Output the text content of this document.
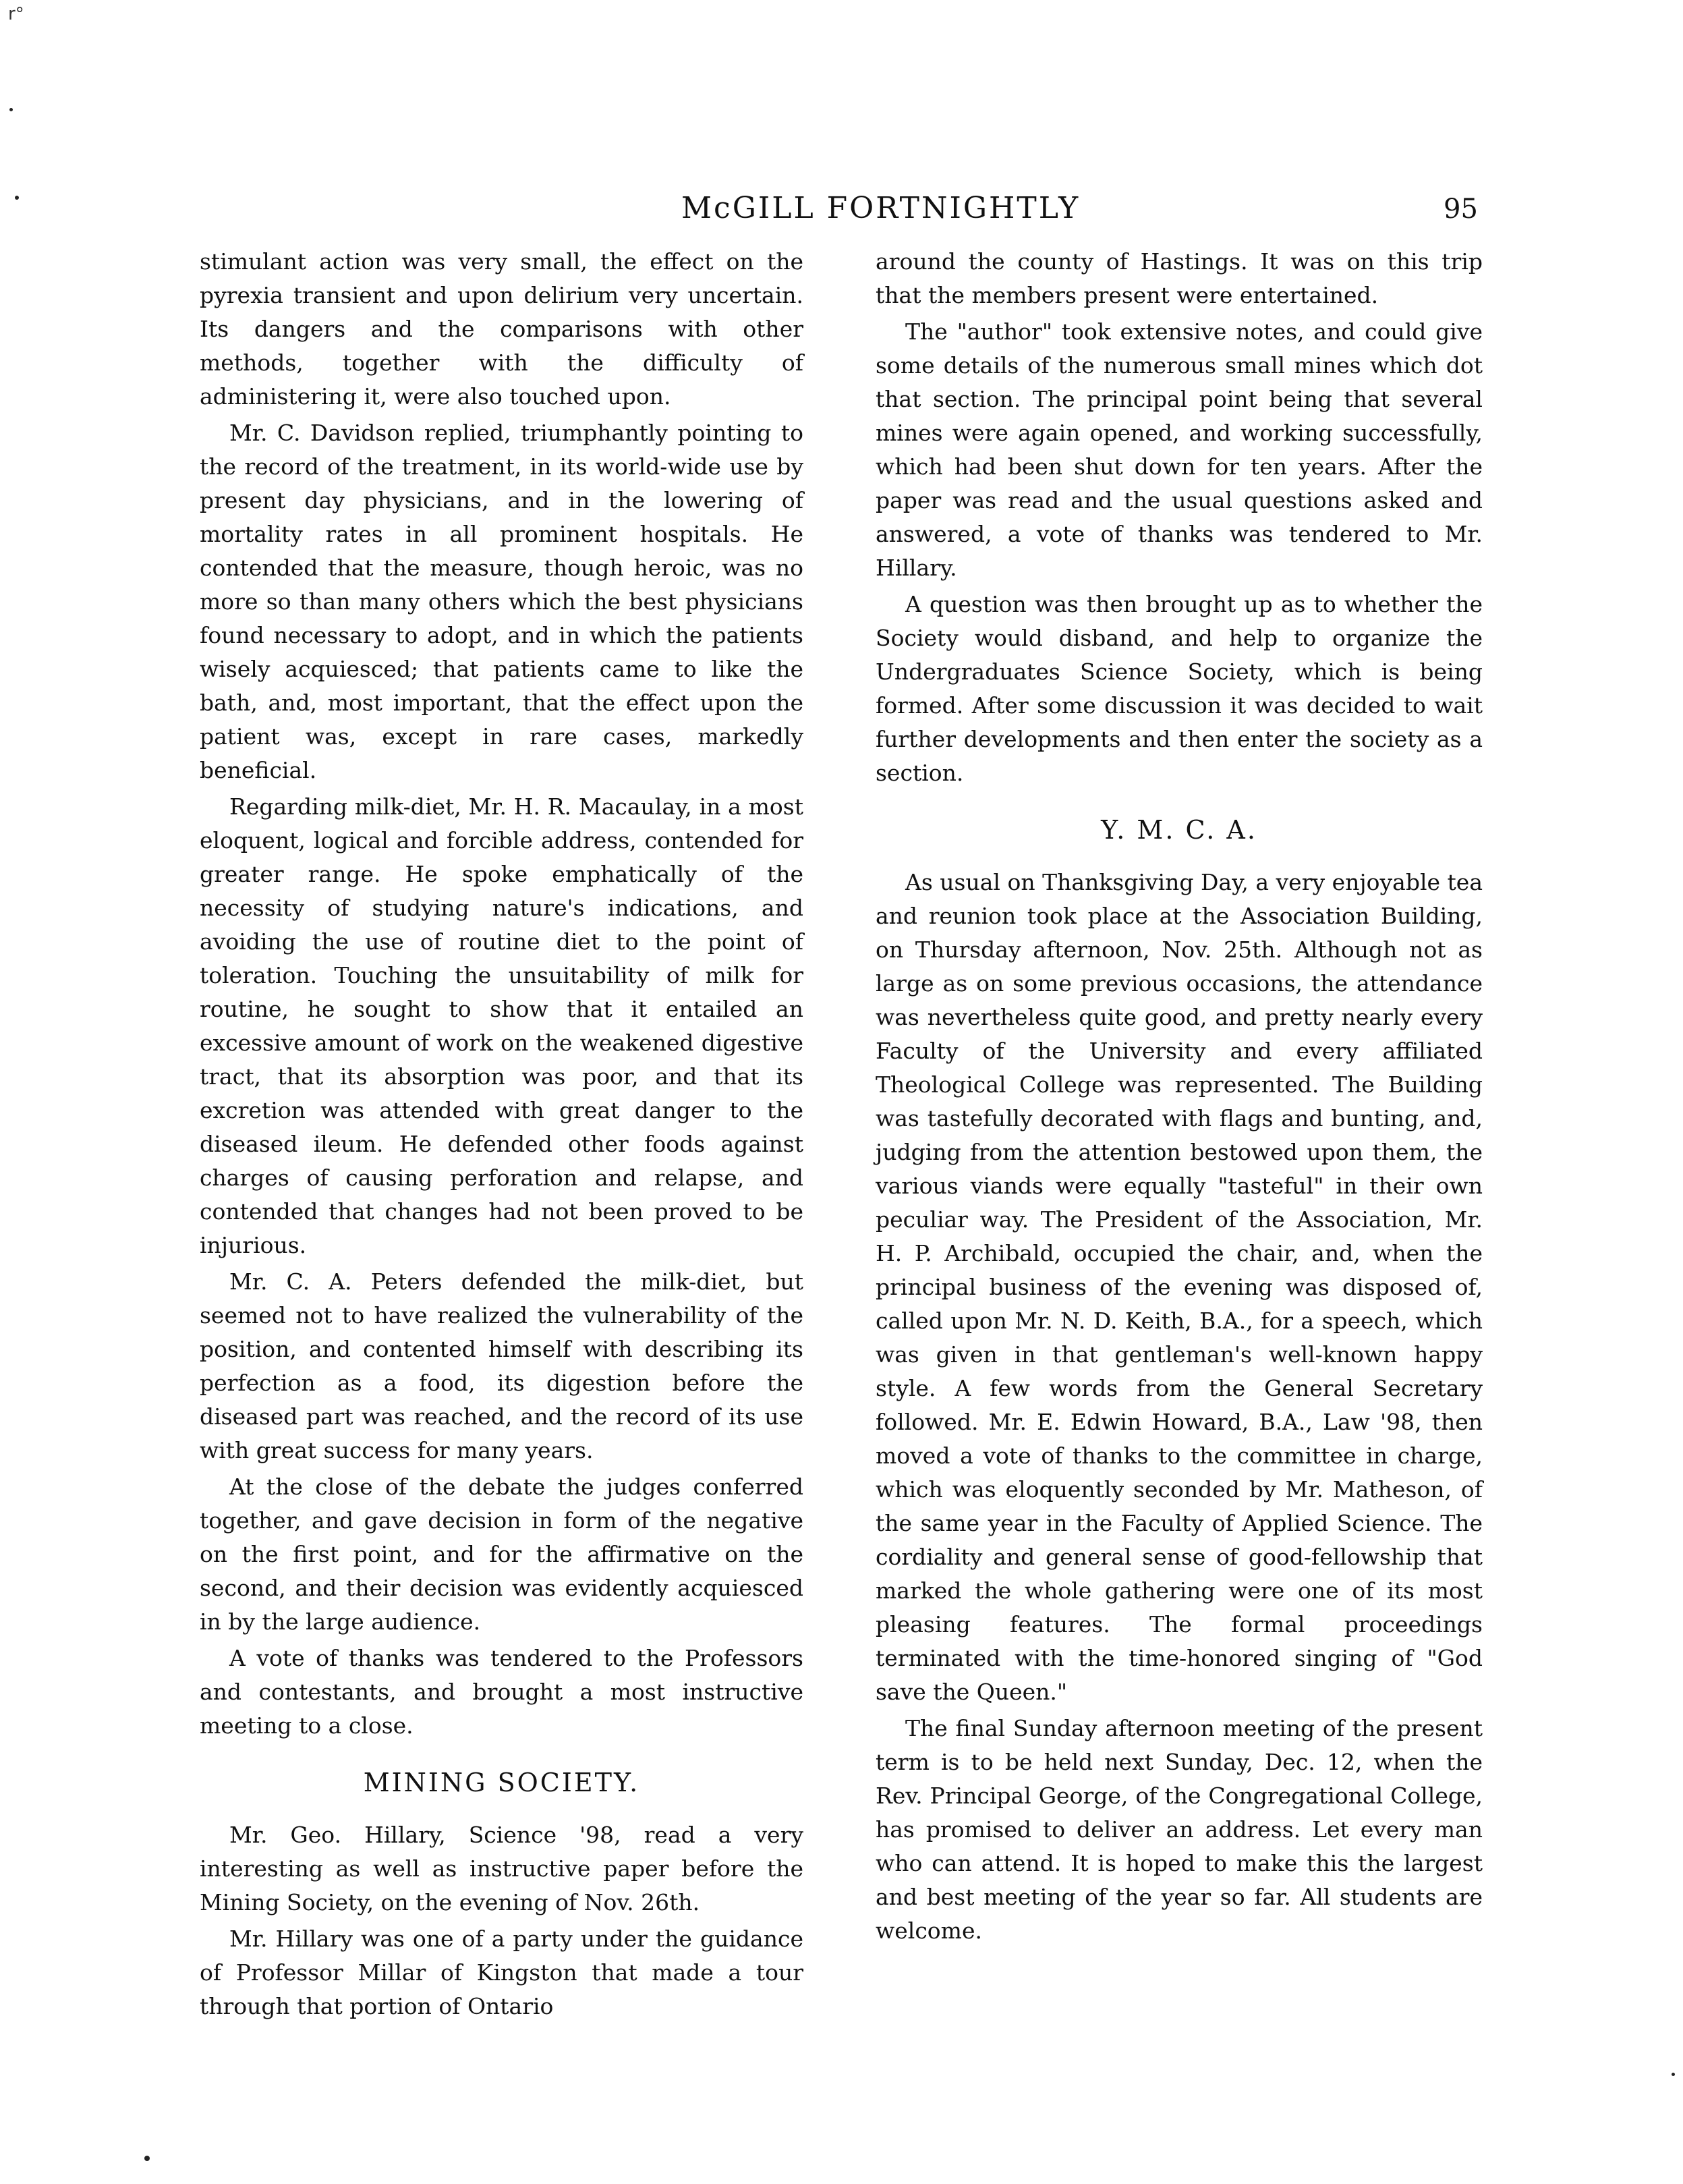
r°
McGILL FORTNIGHTLY	95

stimulant action was very small, the effect on the pyrexia transient and upon delirium very uncertain. Its dangers and the comparisons with other methods, together with the difficulty of administering it, were also touched upon.

Mr. C. Davidson replied, triumphantly pointing to the record of the treatment, in its world-wide use by present day physicians, and in the lowering of mortality rates in all prominent hospitals. He contended that the measure, though heroic, was no more so than many others which the best physicians found necessary to adopt, and in which the patients wisely acquiesced; that patients came to like the bath, and, most important, that the effect upon the patient was, except in rare cases, markedly beneficial.

Regarding milk-diet, Mr. H. R. Macaulay, in a most eloquent, logical and forcible address, contended for greater range. He spoke emphatically of the necessity of studying nature's indications, and avoiding the use of routine diet to the point of toleration. Touching the unsuitability of milk for routine, he sought to show that it entailed an excessive amount of work on the weakened digestive tract, that its absorption was poor, and that its excretion was attended with great danger to the diseased ileum. He defended other foods against charges of causing perforation and relapse, and contended that changes had not been proved to be injurious.

Mr. C. A. Peters defended the milk-diet, but seemed not to have realized the vulnerability of the position, and contented himself with describing its perfection as a food, its digestion before the diseased part was reached, and the record of its use with great success for many years.

At the close of the debate the judges conferred together, and gave decision in form of the negative on the first point, and for the affirmative on the second, and their decision was evidently acquiesced in by the large audience.

A vote of thanks was tendered to the Professors and contestants, and brought a most instructive meeting to a close.

MINING SOCIETY.

Mr. Geo. Hillary, Science '98, read a very interesting as well as instructive paper before the Mining Society, on the evening of Nov. 26th.

Mr. Hillary was one of a party under the guidance of Professor Millar of Kingston that made a tour through that portion of Ontario

around the county of Hastings. It was on this trip that the members present were entertained.

The "author" took extensive notes, and could give some details of the numerous small mines which dot that section. The principal point being that several mines were again opened, and working successfully, which had been shut down for ten years. After the paper was read and the usual questions asked and answered, a vote of thanks was tendered to Mr. Hillary.

A question was then brought up as to whether the Society would disband, and help to organize the Undergraduates Science Society, which is being formed. After some discussion it was decided to wait further developments and then enter the society as a section.

Y. M. C. A.

As usual on Thanksgiving Day, a very enjoyable tea and reunion took place at the Association Building, on Thursday afternoon, Nov. 25th. Although not as large as on some previous occasions, the attendance was nevertheless quite good, and pretty nearly every Faculty of the University and every affiliated Theological College was represented. The Building was tastefully decorated with flags and bunting, and, judging from the attention bestowed upon them, the various viands were equally "tasteful" in their own peculiar way. The President of the Association, Mr. H. P. Archibald, occupied the chair, and, when the principal business of the evening was disposed of, called upon Mr. N. D. Keith, B.A., for a speech, which was given in that gentleman's well-known happy style. A few words from the General Secretary followed. Mr. E. Edwin Howard, B.A., Law '98, then moved a vote of thanks to the committee in charge, which was eloquently seconded by Mr. Matheson, of the same year in the Faculty of Applied Science. The cordiality and general sense of good-fellowship that marked the whole gathering were one of its most pleasing features. The formal proceedings terminated with the time-honored singing of "God save the Queen."

The final Sunday afternoon meeting of the present term is to be held next Sunday, Dec. 12, when the Rev. Principal George, of the Congregational College, has promised to deliver an address. Let every man who can attend. It is hoped to make this the largest and best meeting of the year so far. All students are welcome.
